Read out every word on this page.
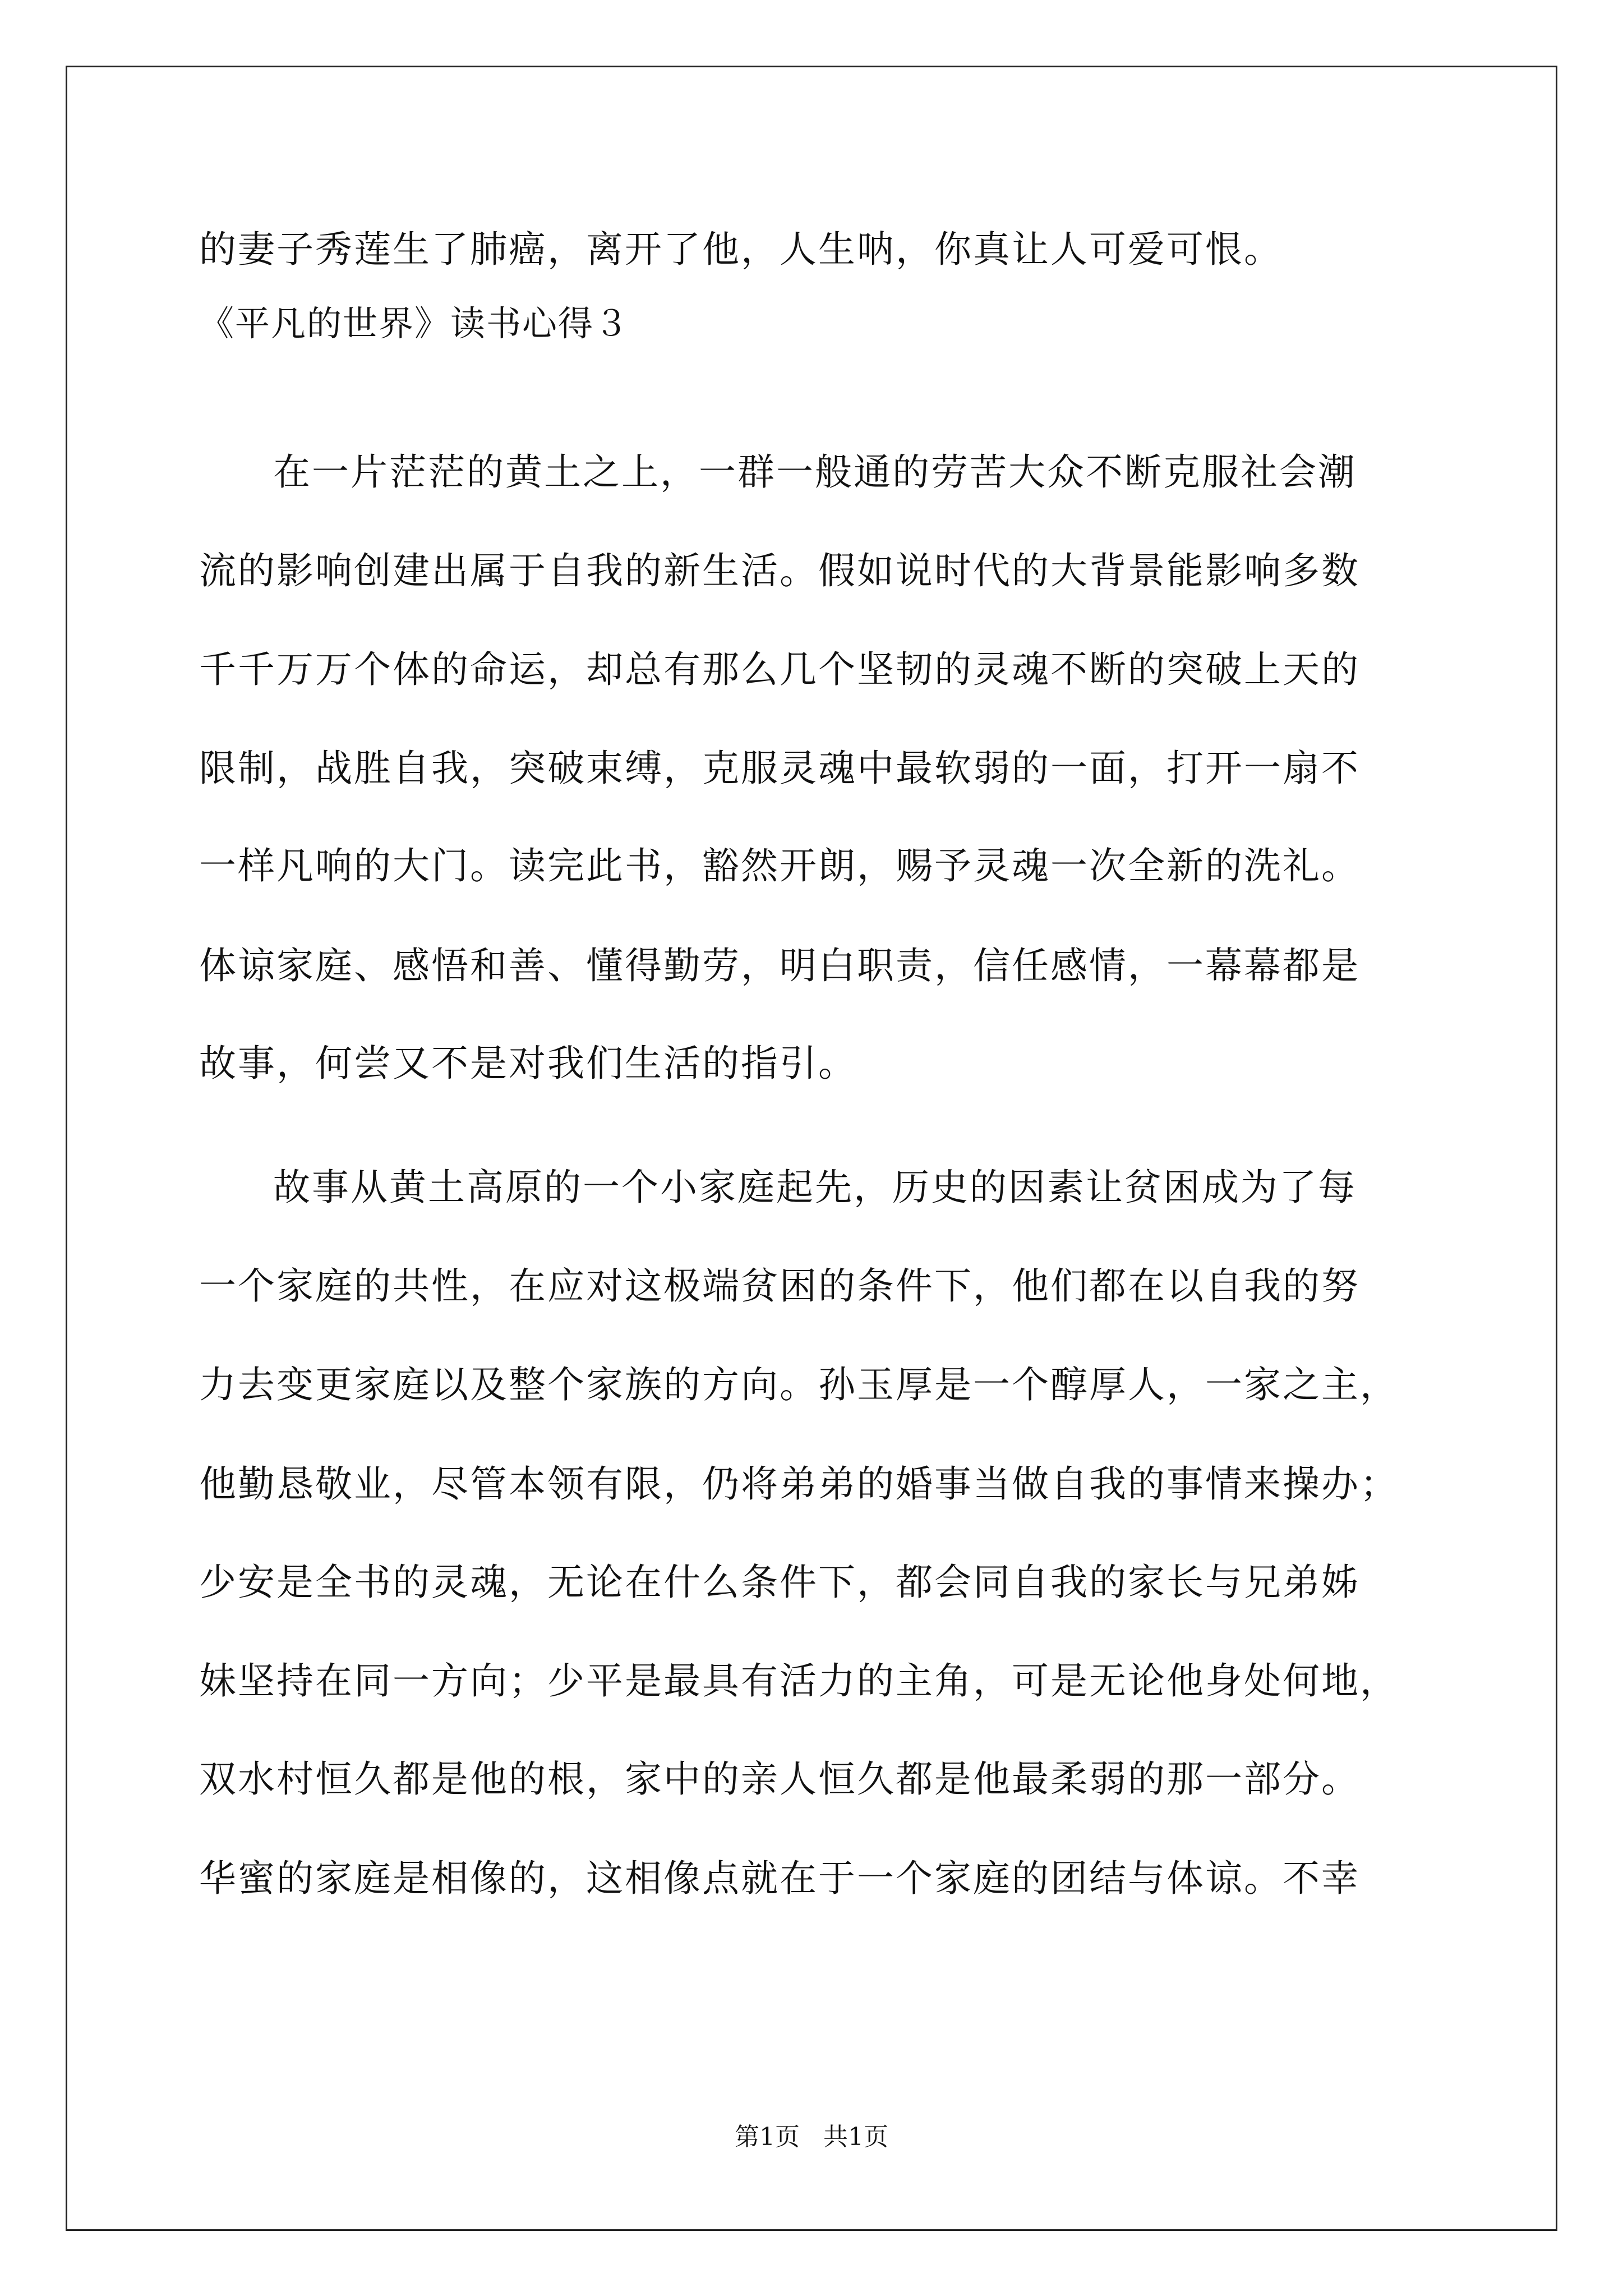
的妻子秀莲生了肺癌，离开了他，人生呐，你真让人可爱可恨。
《平凡的世界》读书心得３
在一片茫茫的黄土之上，一群一般通的劳苦大众不断克服社会潮
流的影响创建出属于自我的新生活。假如说时代的大背景能影响多数
千千万万个体的命运，却总有那么几个坚韧的灵魂不断的突破上天的
限制，战胜自我，突破束缚，克服灵魂中最软弱的一面，打开一扇不
一样凡响的大门。读完此书，豁然开朗，赐予灵魂一次全新的洗礼。
体谅家庭、感悟和善、懂得勤劳，明白职责，信任感情，一幕幕都是
故事，何尝又不是对我们生活的指引。
故事从黄土高原的一个小家庭起先，历史的因素让贫困成为了每
一个家庭的共性，在应对这极端贫困的条件下，他们都在以自我的努
力去变更家庭以及整个家族的方向。孙玉厚是一个醇厚人，一家之主，
他勤恳敬业，尽管本领有限，仍将弟弟的婚事当做自我的事情来操办；
少安是全书的灵魂，无论在什么条件下，都会同自我的家长与兄弟姊
妹坚持在同一方向；少平是最具有活力的主角，可是无论他身处何地，
双水村恒久都是他的根，家中的亲人恒久都是他最柔弱的那一部分。
华蜜的家庭是相像的，这相像点就在于一个家庭的团结与体谅。不幸
第1页   共1页
